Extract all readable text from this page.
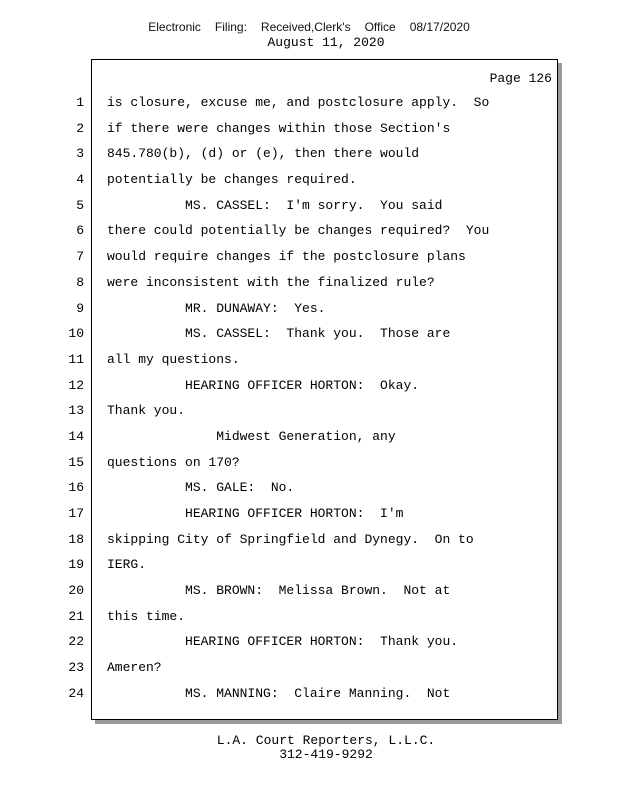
Electronic Filing: Received,Clerk's Office 08/17/2020
August 11, 2020
Page 126
1
2
3
4
5
6
7
8
9
10
11
12
13
14
15
16
17
18
19
20
21
22
23
24
is closure, excuse me, and postclosure apply.  So
if there were changes within those Section's
845.780(b), (d) or (e), then there would
potentially be changes required.
MS. CASSEL:  I'm sorry.  You said
there could potentially be changes required?  You
would require changes if the postclosure plans
were inconsistent with the finalized rule?
MR. DUNAWAY:  Yes.
MS. CASSEL:  Thank you.  Those are
all my questions.
HEARING OFFICER HORTON:  Okay.
Thank you.
Midwest Generation, any
questions on 170?
MS. GALE:  No.
HEARING OFFICER HORTON:  I'm
skipping City of Springfield and Dynegy.  On to
IERG.
MS. BROWN:  Melissa Brown.  Not at
this time.
HEARING OFFICER HORTON:  Thank you.
Ameren?
MS. MANNING:  Claire Manning.  Not
L.A. Court Reporters, L.L.C.
312-419-9292
